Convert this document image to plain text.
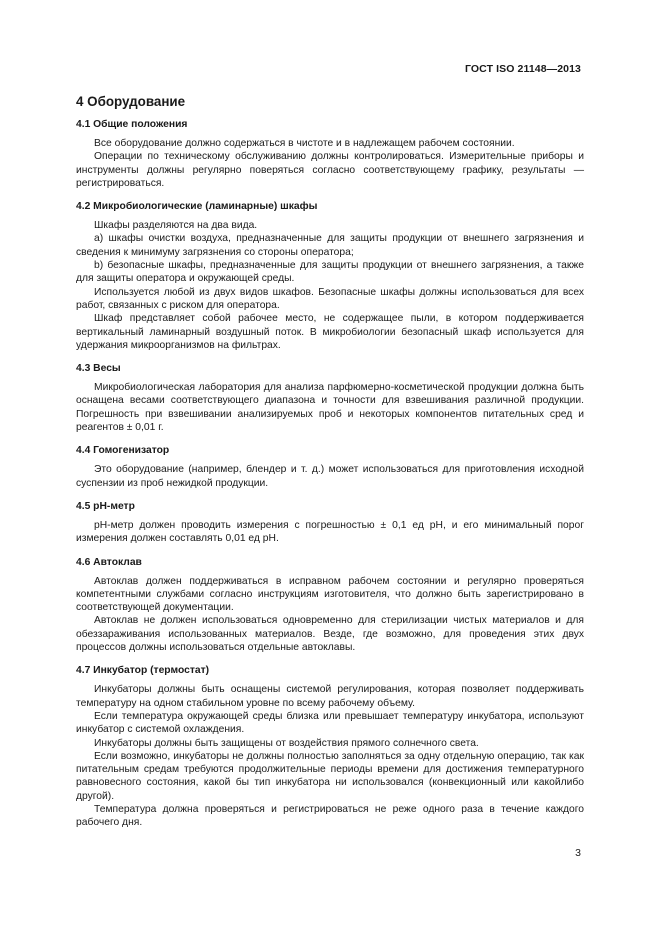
ГОСТ ISO 21148—2013
4 Оборудование
4.1 Общие положения

Все оборудование должно содержаться в чистоте и в надлежащем рабочем состоянии.

Операции по техническому обслуживанию должны контролироваться. Измерительные приборы и инструменты должны регулярно поверяться согласно соответствующему графику, результаты — регистрироваться.

4.2 Микробиологические (ламинарные) шкафы

Шкафы разделяются на два вида.

а) шкафы очистки воздуха, предназначенные для защиты продукции от внешнего загрязнения и сведения к минимуму загрязнения со стороны оператора;

b) безопасные шкафы, предназначенные для защиты продукции от внешнего загрязнения, а также для защиты оператора и окружающей среды.

Используется любой из двух видов шкафов. Безопасные шкафы должны использоваться для всех работ, связанных с риском для оператора.

Шкаф представляет собой рабочее место, не содержащее пыли, в котором поддерживается вертикальный ламинарный воздушный поток. В микробиологии безопасный шкаф используется для удержания микроорганизмов на фильтрах.

4.3 Весы

Микробиологическая лаборатория для анализа парфюмерно-косметической продукции должна быть оснащена весами соответствующего диапазона и точности для взвешивания различной продукции. Погрешность при взвешивании анализируемых проб и некоторых компонентов питательных сред и реагентов ± 0,01 г.

4.4 Гомогенизатор

Это оборудование (например, блендер и т. д.) может использоваться для приготовления исходной суспензии из проб нежидкой продукции.

4.5 pH-метр

pH-метр должен проводить измерения с погрешностью ± 0,1 ед pH, и его минимальный порог измерения должен составлять 0,01 ед pH.

4.6 Автоклав

Автоклав должен поддерживаться в исправном рабочем состоянии и регулярно проверяться компетентными службами согласно инструкциям изготовителя, что должно быть зарегистрировано в соответствующей документации.

Автоклав не должен использоваться одновременно для стерилизации чистых материалов и для обеззараживания использованных материалов. Везде, где возможно, для проведения этих двух процессов должны использоваться отдельные автоклавы.

4.7 Инкубатор (термостат)

Инкубаторы должны быть оснащены системой регулирования, которая позволяет поддерживать температуру на одном стабильном уровне по всему рабочему объему.

Если температура окружающей среды близка или превышает температуру инкубатора, используют инкубатор с системой охлаждения.

Инкубаторы должны быть защищены от воздействия прямого солнечного света.

Если возможно, инкубаторы не должны полностью заполняться за одну отдельную операцию, так как питательным средам требуются продолжительные периоды времени для достижения температурного равновесного состояния, какой бы тип инкубатора ни использовался (конвекционный или какойлибо другой).

Температура должна проверяться и регистрироваться не реже одного раза в течение каждого рабочего дня.

3
